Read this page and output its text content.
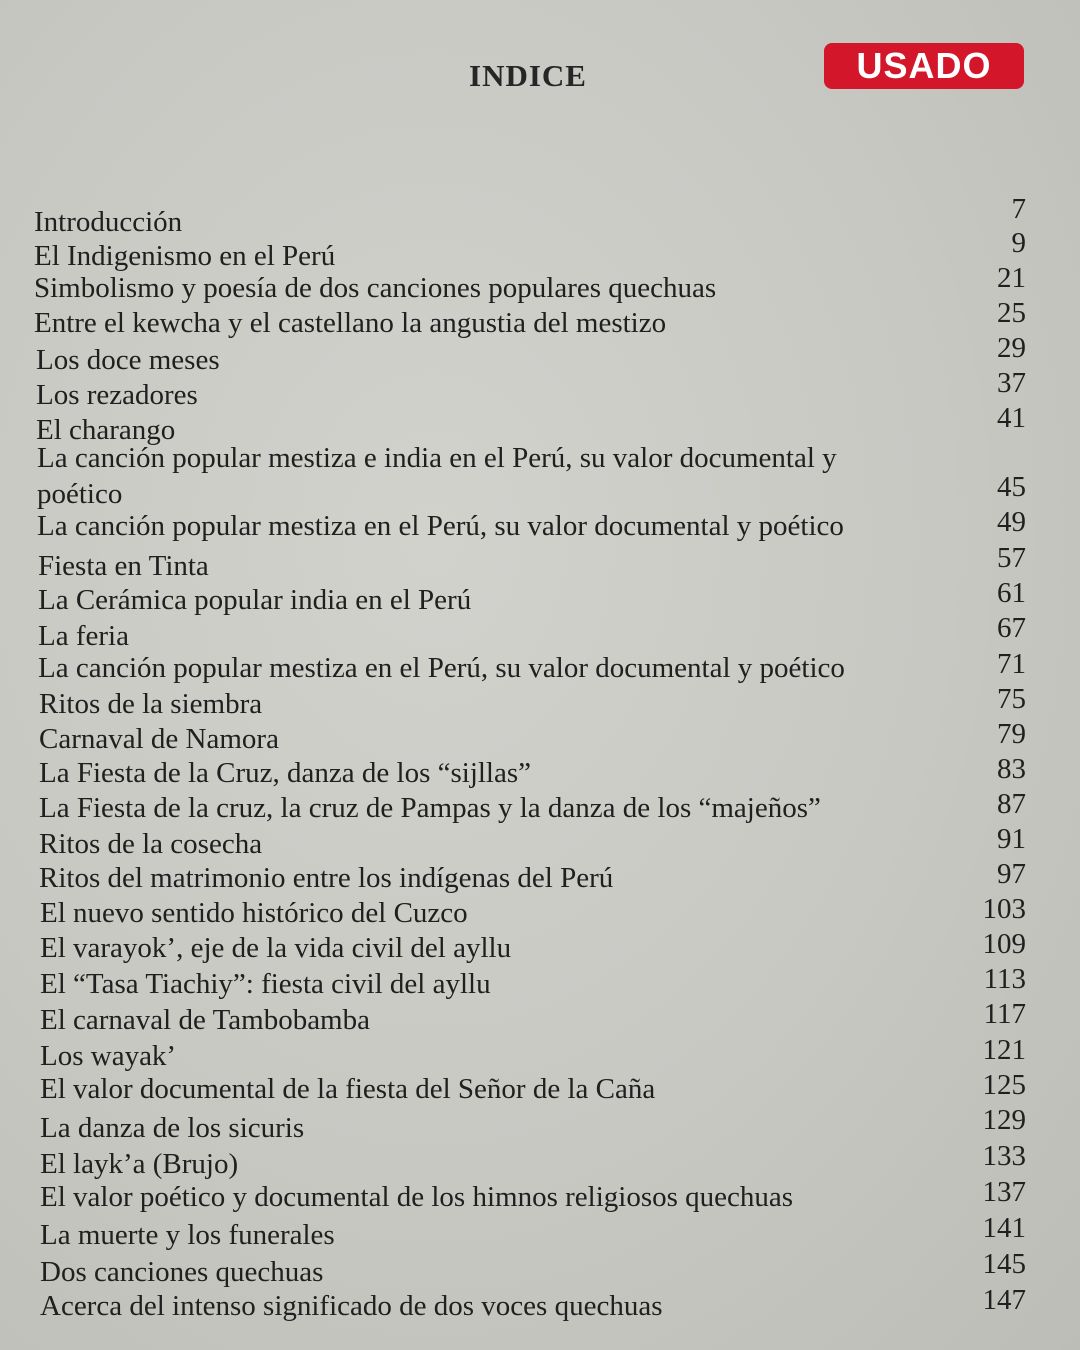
INDICE	USADO
Introducción	7
El Indigenismo en el Perú	9
Simbolismo y poesía de dos canciones populares quechuas	21
Entre el kewcha y el castellano la angustia del mestizo	25
Los doce meses	29
Los rezadores	37
El charango	41
La canción popular mestiza e india en el Perú, su valor documental y poético	45
La canción popular mestiza en el Perú, su valor documental y poético	49
Fiesta en Tinta	57
La Cerámica popular india en el Perú	61
La feria	67
La canción popular mestiza en el Perú, su valor documental y poético	71
Ritos de la siembra	75
Carnaval de Namora	79
La Fiesta de la Cruz, danza de los “sijllas”	83
La Fiesta de la cruz, la cruz de Pampas y la danza de los “majeños”	87
Ritos de la cosecha	91
Ritos del matrimonio entre los indígenas del Perú	97
El nuevo sentido histórico del Cuzco	103
El varayok’, eje de la vida civil del ayllu	109
El “Tasa Tiachiy”: fiesta civil del ayllu	113
El carnaval de Tambobamba	117
Los wayak’	121
El valor documental de la fiesta del Señor de la Caña	125
La danza de los sicuris	129
El layk’a (Brujo)	133
El valor poético y documental de los himnos religiosos quechuas	137
La muerte y los funerales	141
Dos canciones quechuas	145
Acerca del intenso significado de dos voces quechuas	147
